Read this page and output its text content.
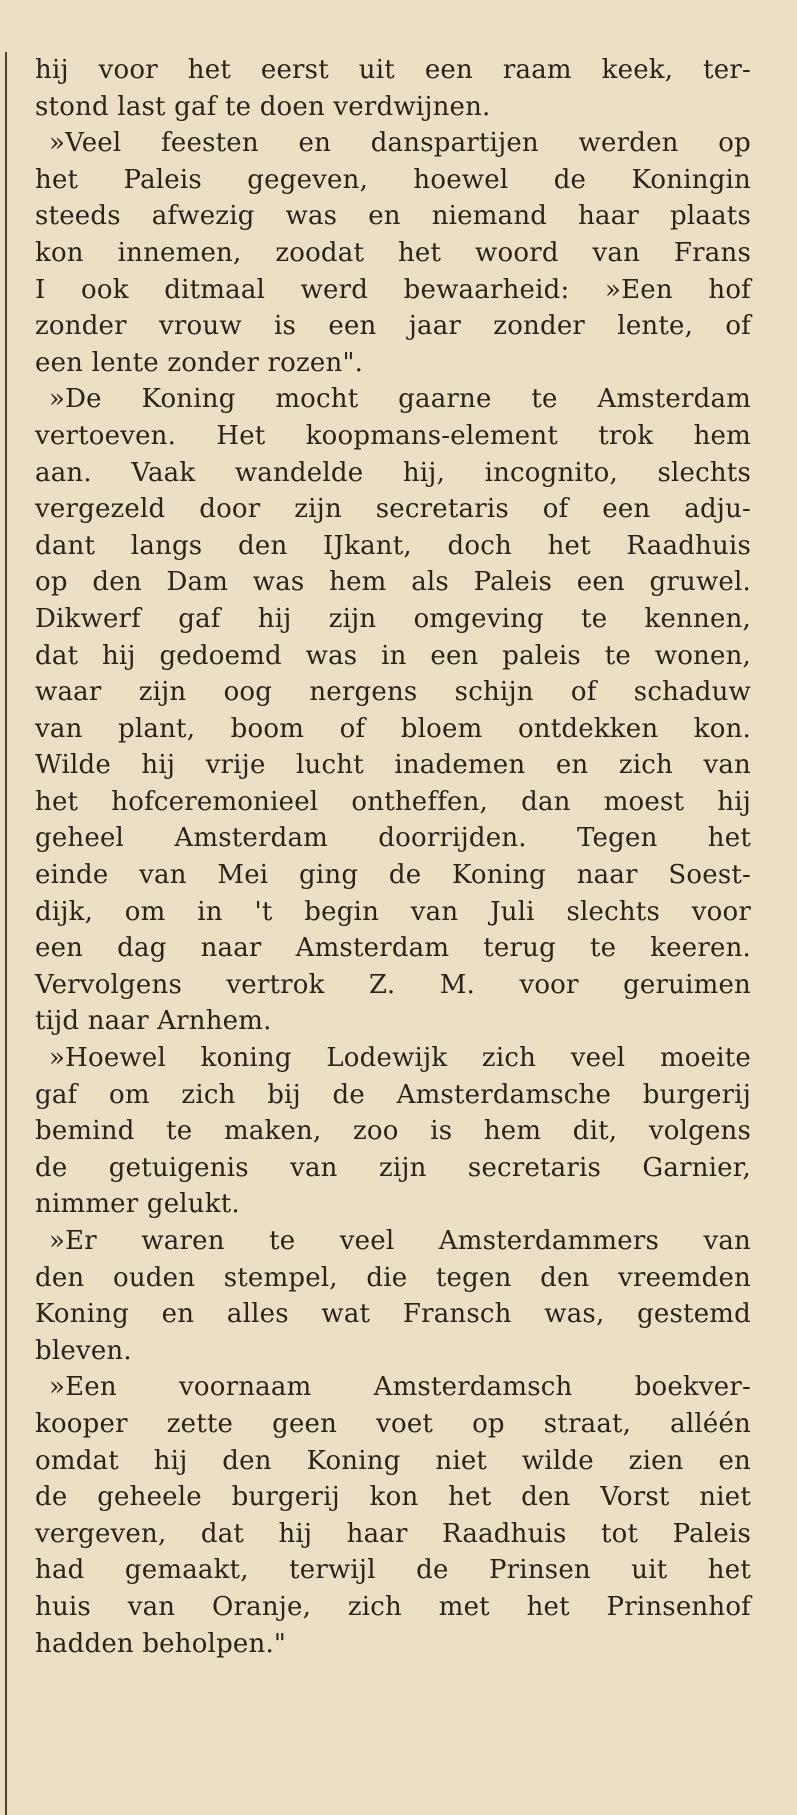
hij voor het eerst uit een raam keek, ter-
stond last gaf te doen verdwijnen.
»Veel feesten en danspartijen werden op
het Paleis gegeven, hoewel de Koningin
steeds afwezig was en niemand haar plaats
kon innemen, zoodat het woord van Frans
I ook ditmaal werd bewaarheid: »Een hof
zonder vrouw is een jaar zonder lente, of
een lente zonder rozen".
»De Koning mocht gaarne te Amsterdam
vertoeven. Het koopmans-element trok hem
aan. Vaak wandelde hij, incognito, slechts
vergezeld door zijn secretaris of een adju-
dant langs den IJkant, doch het Raadhuis
op den Dam was hem als Paleis een gruwel.
Dikwerf gaf hij zijn omgeving te kennen,
dat hij gedoemd was in een paleis te wonen,
waar zijn oog nergens schijn of schaduw
van plant, boom of bloem ontdekken kon.
Wilde hij vrije lucht inademen en zich van
het hofceremonieel ontheffen, dan moest hij
geheel Amsterdam doorrijden. Tegen het
einde van Mei ging de Koning naar Soest-
dijk, om in 't begin van Juli slechts voor
een dag naar Amsterdam terug te keeren.
Vervolgens vertrok Z. M. voor geruimen
tijd naar Arnhem.
»Hoewel koning Lodewijk zich veel moeite
gaf om zich bij de Amsterdamsche burgerij
bemind te maken, zoo is hem dit, volgens
de getuigenis van zijn secretaris Garnier,
nimmer gelukt.
»Er waren te veel Amsterdammers van
den ouden stempel, die tegen den vreemden
Koning en alles wat Fransch was, gestemd
bleven.
»Een voornaam Amsterdamsch boekver-
kooper zette geen voet op straat, alléén
omdat hij den Koning niet wilde zien en
de geheele burgerij kon het den Vorst niet
vergeven, dat hij haar Raadhuis tot Paleis
had gemaakt, terwijl de Prinsen uit het
huis van Oranje, zich met het Prinsenhof
hadden beholpen."
